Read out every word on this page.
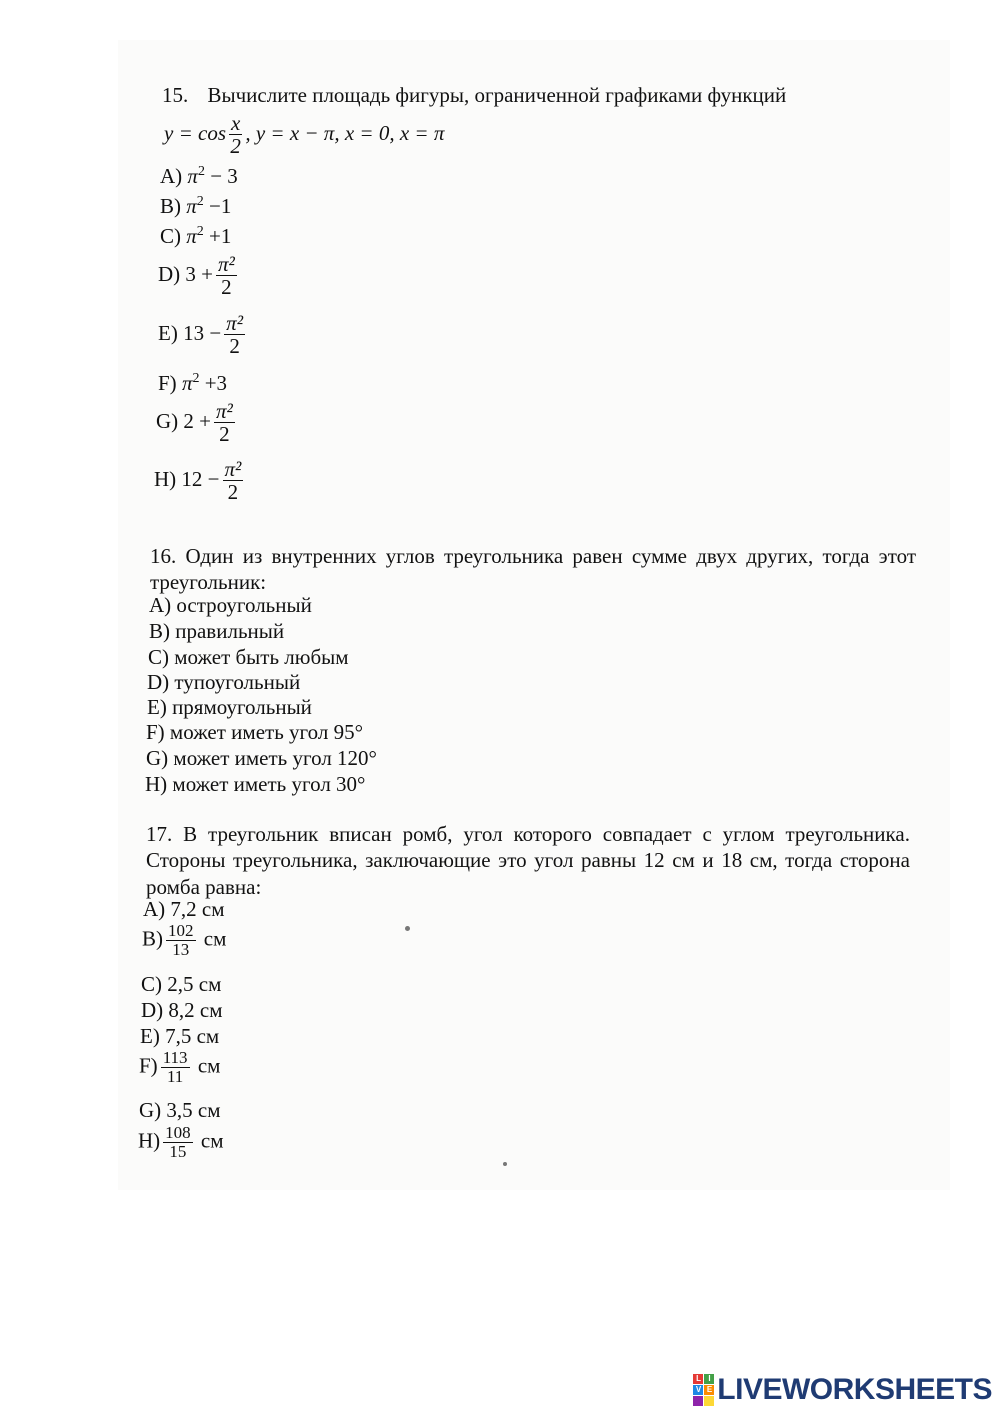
15. Вычислите площадь фигуры, ограниченной графиками функций
$y = \cos \frac{x}{2}$ , y = x − π, x = 0, x = π
A) $\pi^2 - 3$
B) $\pi^2 -1$
C) $\pi^2 +1$
D) $3 + \frac{\text{π²}}{2}$
E) $13 - \frac{\text{π²}}{2}$
F) $\pi^2 +3$
G) $2 + \frac{\text{π²}}{2}$
H) $12 - \frac{\text{π²}}{2}$
16. Один из внутренних углов треугольника равен сумме двух других, тогда этот треугольник:
A) остроугольный
B) правильный
C) может быть любым
D) тупоугольный
E) прямоугольный
F) может иметь угол 95°
G) может иметь угол 120°
H) может иметь угол 30°
17. В треугольник вписан ромб, угол которого совпадает с углом треугольника. Стороны треугольника, заключающие это угол равны 12 см и 18 см, тогда сторона ромба равна:
A) 7,2 см
$B) \frac{102}{13}$ см
C) 2,5 см
D) 8,2 см
E) 7,5 см
$F) \frac{113}{11}$ см
G) 3,5 см
$H) \frac{108}{15}$ см
L I
V E LIVEWORKSHEETS
